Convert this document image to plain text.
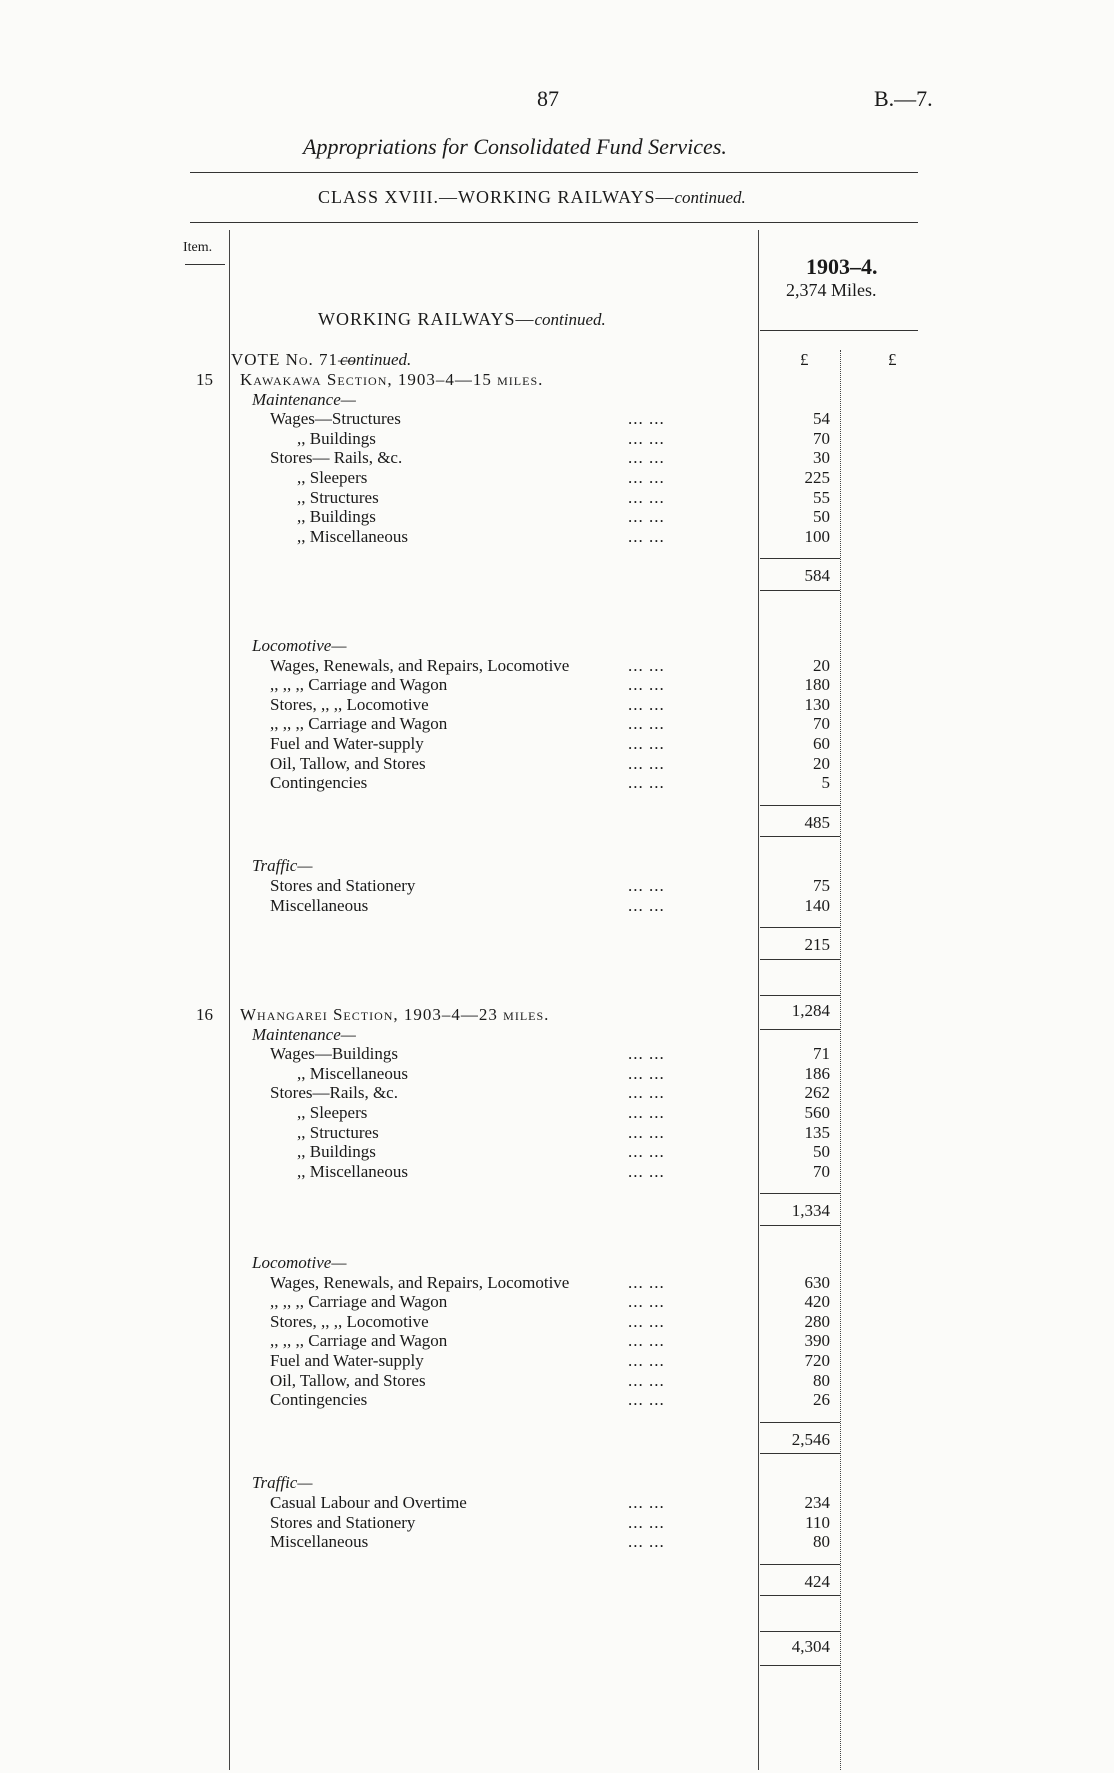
87	B.—7.
Appropriations for Consolidated Fund Services.
CLASS XVIII.—WORKING RAILWAYS—continued.
Item.
1903–4.
2,374 Miles.
WORKING RAILWAYS—continued.
VOTE No. 71—
continued.	£	£
15 Kawakawa Section, 1903–4—15 miles.
Maintenance—
Wages—Structures	... ...	54
,, Buildings	... ...	70
Stores— Rails, &c.	... ...	30
,, Sleepers	... ...	225
,, Structures	... ...	55
,, Buildings	... ...	50
,, Miscellaneous	... ...	100
584
Locomotive—
Wages, Renewals, and Repairs, Locomotive	... ...	20
,, ,, ,, Carriage and Wagon	... ...	180
Stores, ,, ,, Locomotive	... ...	130
,, ,, ,, Carriage and Wagon	... ...	70
Fuel and Water-supply	... ...	60
Oil, Tallow, and Stores	... ...	20
Contingencies	... ...	5
485
Traffic—
Stores and Stationery	... ...	75
Miscellaneous	... ...	140
215
1,284
16 Whangarei Section, 1903–4—23 miles.
Maintenance—
Wages—Buildings	... ...	71
,, Miscellaneous	... ...	186
Stores—Rails, &c.	... ...	262
,, Sleepers	... ...	560
,, Structures	... ...	135
,, Buildings	... ...	50
,, Miscellaneous	... ...	70
1,334
Locomotive—
Wages, Renewals, and Repairs, Locomotive	... ...	630
,, ,, ,, Carriage and Wagon	... ...	420
Stores, ,, ,, Locomotive	... ...	280
,, ,, ,, Carriage and Wagon	... ...	390
Fuel and Water-supply	... ...	720
Oil, Tallow, and Stores	... ...	80
Contingencies	... ...	26
2,546
Traffic—
Casual Labour and Overtime	... ...	234
Stores and Stationery	... ...	110
Miscellaneous	... ...	80
424
4,304
